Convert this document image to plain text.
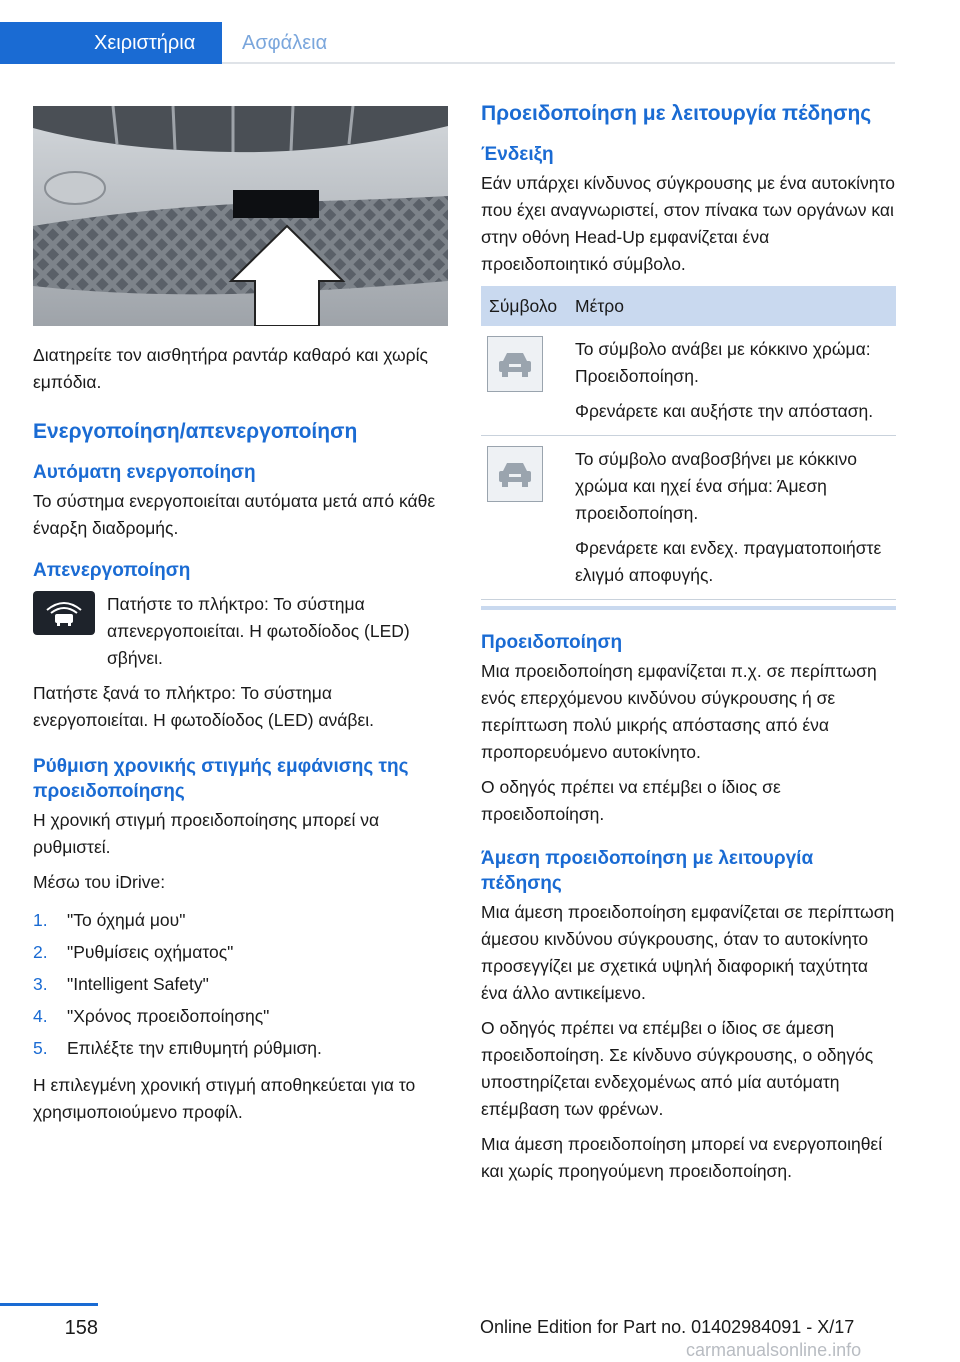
Χειριστήρια	Ασφάλεια

Διατηρείτε τον αισθητήρα ραντάρ καθαρό και χωρίς εμπόδια.

Ενεργοποίηση/απενεργοποίηση
Αυτόματη ενεργοποίηση

Το σύστημα ενεργοποιείται αυτόματα μετά από κάθε έναρξη διαδρομής.

Απενεργοποίηση
Πατήστε το πλήκτρο: Το σύστημα απενεργοποιείται. Η φωτοδίοδος (LED) σβήνει.

Πατήστε ξανά το πλήκτρο: Το σύστημα ενεργοποιείται. Η φωτοδίοδος (LED) ανάβει.

Ρύθμιση χρονικής στιγμής εμφάνισης της προειδοποίησης

Η χρονική στιγμή προειδοποίησης μπορεί να ρυθμιστεί.

Μέσω του iDrive:

1.	"Το όχημά μου"
2.	"Ρυθμίσεις οχήματος"
3.	"Intelligent Safety"
4.	"Χρόνος προειδοποίησης"
5.	Επιλέξτε την επιθυμητή ρύθμιση.

Η επιλεγμένη χρονική στιγμή αποθηκεύεται για το χρησιμοποιούμενο προφίλ.

Προειδοποίηση με λειτουργία πέδησης
Ένδειξη

Εάν υπάρχει κίνδυνος σύγκρουσης με ένα αυτοκίνητο που έχει αναγνωριστεί, στον πίνακα των οργάνων και στην οθόνη Head-Up εμφανίζεται ένα προειδοποιητικό σύμβολο.

Σύμβολο	Μέτρο

Το σύμβολο ανάβει με κόκκινο χρώμα: Προειδοποίηση.

Φρενάρετε και αυξήστε την απόσταση.

Το σύμβολο αναβοσβήνει με κόκκινο χρώμα και ηχεί ένα σήμα: Άμεση προειδοποίηση.

Φρενάρετε και ενδεχ. πραγματοποιήστε ελιγμό αποφυγής.

Προειδοποίηση

Μια προειδοποίηση εμφανίζεται π.χ. σε περίπτωση ενός επερχόμενου κινδύνου σύγκρουσης ή σε περίπτωση πολύ μικρής απόστασης από ένα προπορευόμενο αυτοκίνητο.

Ο οδηγός πρέπει να επέμβει ο ίδιος σε προειδοποίηση.

Άμεση προειδοποίηση με λειτουργία πέδησης

Μια άμεση προειδοποίηση εμφανίζεται σε περίπτωση άμεσου κινδύνου σύγκρουσης, όταν το αυτοκίνητο προσεγγίζει με σχετικά υψηλή διαφορική ταχύτητα ένα άλλο αντικείμενο.

Ο οδηγός πρέπει να επέμβει ο ίδιος σε άμεση προειδοποίηση. Σε κίνδυνο σύγκρουσης, ο οδηγός υποστηρίζεται ενδεχομένως από μία αυτόματη επέμβαση των φρένων.

Μια άμεση προειδοποίηση μπορεί να ενεργοποιηθεί και χωρίς προηγούμενη προειδοποίηση.

158	Online Edition for Part no. 01402984091 - X/17
carmanualsonline.info
